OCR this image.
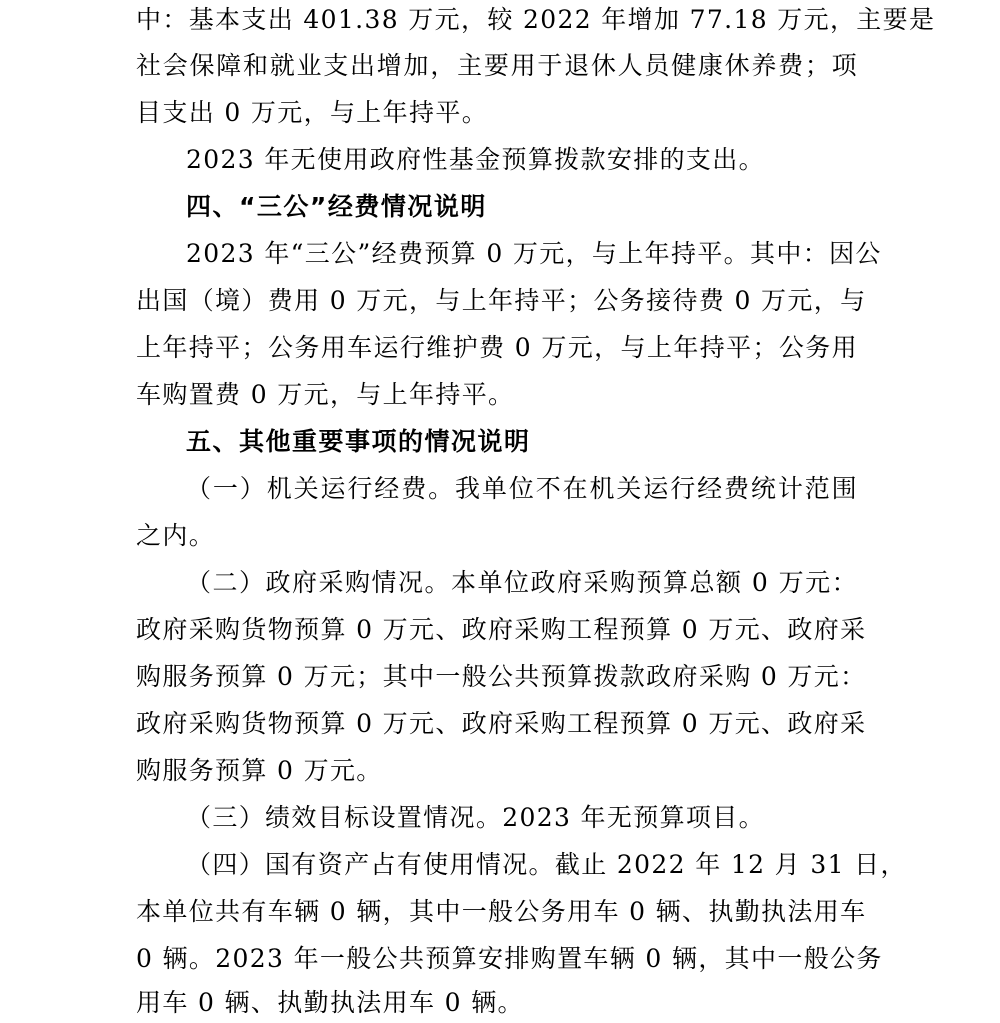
中：基本支出 401.38 万元，较 2022 年增加 77.18 万元，主要是
社会保障和就业支出增加，主要用于退休人员健康休养费；项
目支出 0 万元，与上年持平。
2023 年无使用政府性基金预算拨款安排的支出。
四、“三公”经费情况说明
2023 年“三公”经费预算 0 万元，与上年持平。其中：因公
出国（境）费用 0 万元，与上年持平；公务接待费 0 万元，与
上年持平；公务用车运行维护费 0 万元，与上年持平；公务用
车购置费 0 万元，与上年持平。
五、其他重要事项的情况说明
（一）机关运行经费。我单位不在机关运行经费统计范围
之内。
（二）政府采购情况。本单位政府采购预算总额 0 万元：
政府采购货物预算 0 万元、政府采购工程预算 0 万元、政府采
购服务预算 0 万元；其中一般公共预算拨款政府采购 0 万元：
政府采购货物预算 0 万元、政府采购工程预算 0 万元、政府采
购服务预算 0 万元。
（三）绩效目标设置情况。2023 年无预算项目。
（四）国有资产占有使用情况。截止 2022 年 12 月 31 日，
本单位共有车辆 0 辆，其中一般公务用车 0 辆、执勤执法用车
0 辆。2023 年一般公共预算安排购置车辆 0 辆，其中一般公务
用车 0 辆、执勤执法用车 0 辆。
